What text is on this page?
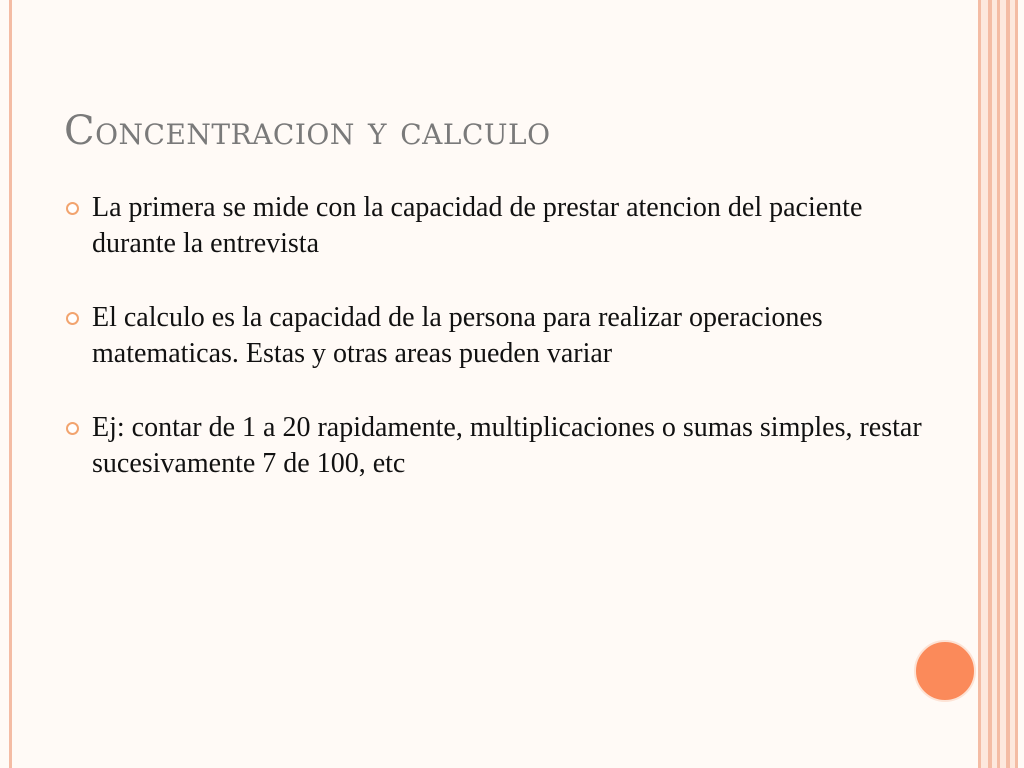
Concentracion y calculo
La primera se mide con la capacidad de prestar atencion del paciente durante la entrevista
El calculo es la capacidad de la persona para realizar operaciones matematicas. Estas y otras areas pueden variar
Ej: contar de 1 a 20 rapidamente, multiplicaciones o sumas simples, restar sucesivamente 7 de 100, etc
